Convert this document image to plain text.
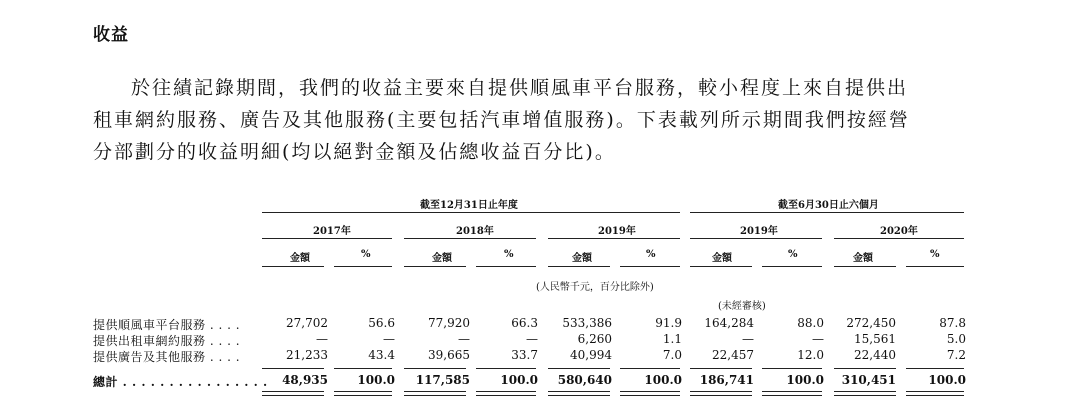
收益
於往績記錄期間，我們的收益主要來自提供順風車平台服務，較小程度上來自提供出
租車網約服務、廣告及其他服務(主要包括汽車增值服務)。下表載列所示期間我們按經營
分部劃分的收益明細(均以絕對金額及佔總收益百分比)。
截至12月31日止年度	截至6月30日止六個月
2017年	2018年	2019年	2019年	2020年
金額	%	金額	%	金額	%	金額	%	金額	%
(人民幣千元，百分比除外)
(未經審核)
提供順風車平台服務 . . . .	27,702	56.6	77,920	66.3	533,386	91.9	164,284	88.0	272,450	87.8
提供出租車網約服務 . . . .	—	—	—	—	6,260	1.1	—	—	15,561	5.0
提供廣告及其他服務 . . . .	21,233	43.4	39,665	33.7	40,994	7.0	22,457	12.0	22,440	7.2
總計 . . . . . . . . . . . . . . . .	48,935	100.0	117,585	100.0	580,640	100.0	186,741	100.0	310,451	100.0
